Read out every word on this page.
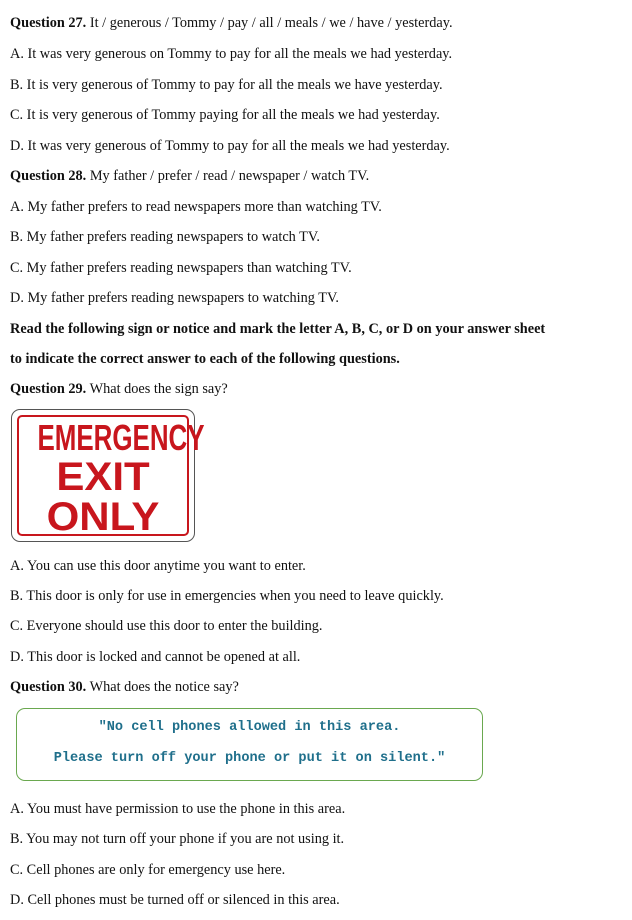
Question 27. It / generous / Tommy / pay / all / meals / we / have / yesterday.
A. It was very generous on Tommy to pay for all the meals we had yesterday.
B. It is very generous of Tommy to pay for all the meals we have yesterday.
C. It is very generous of Tommy paying for all the meals we had yesterday.
D. It was very generous of Tommy to pay for all the meals we had yesterday.
Question 28. My father / prefer / read / newspaper / watch TV.
A. My father prefers to read newspapers more than watching TV.
B. My father prefers reading newspapers to watch TV.
C. My father prefers reading newspapers than watching TV.
D. My father prefers reading newspapers to watching TV.
Read the following sign or notice and mark the letter A, B, C, or D on your answer sheet
to indicate the correct answer to each of the following questions.
Question 29. What does the sign say?
EMERGENCY
EXIT
ONLY
A. You can use this door anytime you want to enter.
B. This door is only for use in emergencies when you need to leave quickly.
C. Everyone should use this door to enter the building.
D. This door is locked and cannot be opened at all.
Question 30. What does the notice say?
"No cell phones allowed in this area.
Please turn off your phone or put it on silent."
A. You must have permission to use the phone in this area.
B. You may not turn off your phone if you are not using it.
C. Cell phones are only for emergency use here.
D. Cell phones must be turned off or silenced in this area.
